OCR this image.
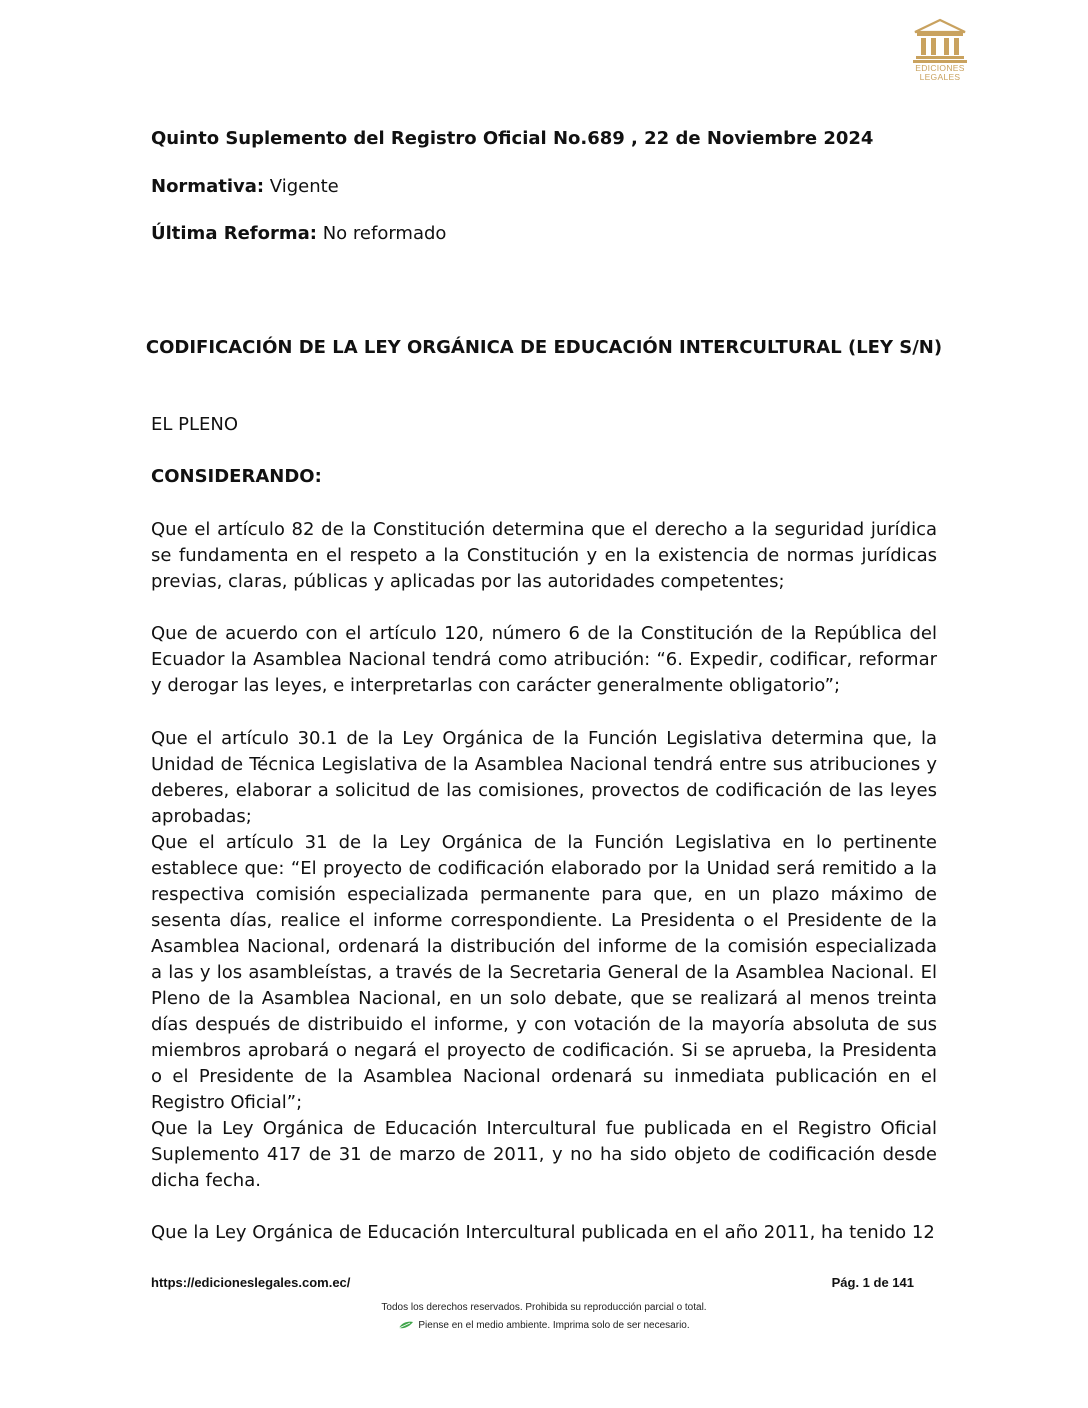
EDICIONES
LEGALES
Quinto Suplemento del Registro Oficial No.689 , 22 de Noviembre 2024
Normativa: Vigente
Última Reforma: No reformado
CODIFICACIÓN DE LA LEY ORGÁNICA DE EDUCACIÓN INTERCULTURAL (LEY S/N)
EL PLENO
CONSIDERANDO:

Que el artículo 82 de la Constitución determina que el derecho a la seguridad jurídica se fundamenta en el respeto a la Constitución y en la existencia de normas jurídicas previas, claras, públicas y aplicadas por las autoridades competentes;

Que de acuerdo con el artículo 120, número 6 de la Constitución de la República del Ecuador la Asamblea Nacional tendrá como atribución: “6. Expedir, codificar, reformar y derogar las leyes, e interpretarlas con carácter generalmente obligatorio”;

Que el artículo 30.1 de la Ley Orgánica de la Función Legislativa determina que, la Unidad de Técnica Legislativa de la Asamblea Nacional tendrá entre sus atribuciones y deberes, elaborar a solicitud de las comisiones, provectos de codificación de las leyes aprobadas;

Que el artículo 31 de la Ley Orgánica de la Función Legislativa en lo pertinente establece que: “El proyecto de codificación elaborado por la Unidad será remitido a la respectiva comisión especializada permanente para que, en un plazo máximo de sesenta días, realice el informe correspondiente. La Presidenta o el Presidente de la Asamblea Nacional, ordenará la distribución del informe de la comisión especializada a las y los asambleístas, a través de la Secretaria General de la Asamblea Nacional. El Pleno de la Asamblea Nacional, en un solo debate, que se realizará al menos treinta días después de distribuido el informe, y con votación de la mayoría absoluta de sus miembros aprobará o negará el proyecto de codificación. Si se aprueba, la Presidenta o el Presidente de la Asamblea Nacional ordenará su inmediata publicación en el Registro Oficial”;

Que la Ley Orgánica de Educación Intercultural fue publicada en el Registro Oficial Suplemento 417 de 31 de marzo de 2011, y no ha sido objeto de codificación desde dicha fecha.

Que la Ley Orgánica de Educación Intercultural publicada en el año 2011, ha tenido 12

https://edicioneslegales.com.ec/	Pág. 1 de 141
Todos los derechos reservados. Prohibida su reproducción parcial o total.
Piense en el medio ambiente. Imprima solo de ser necesario.
